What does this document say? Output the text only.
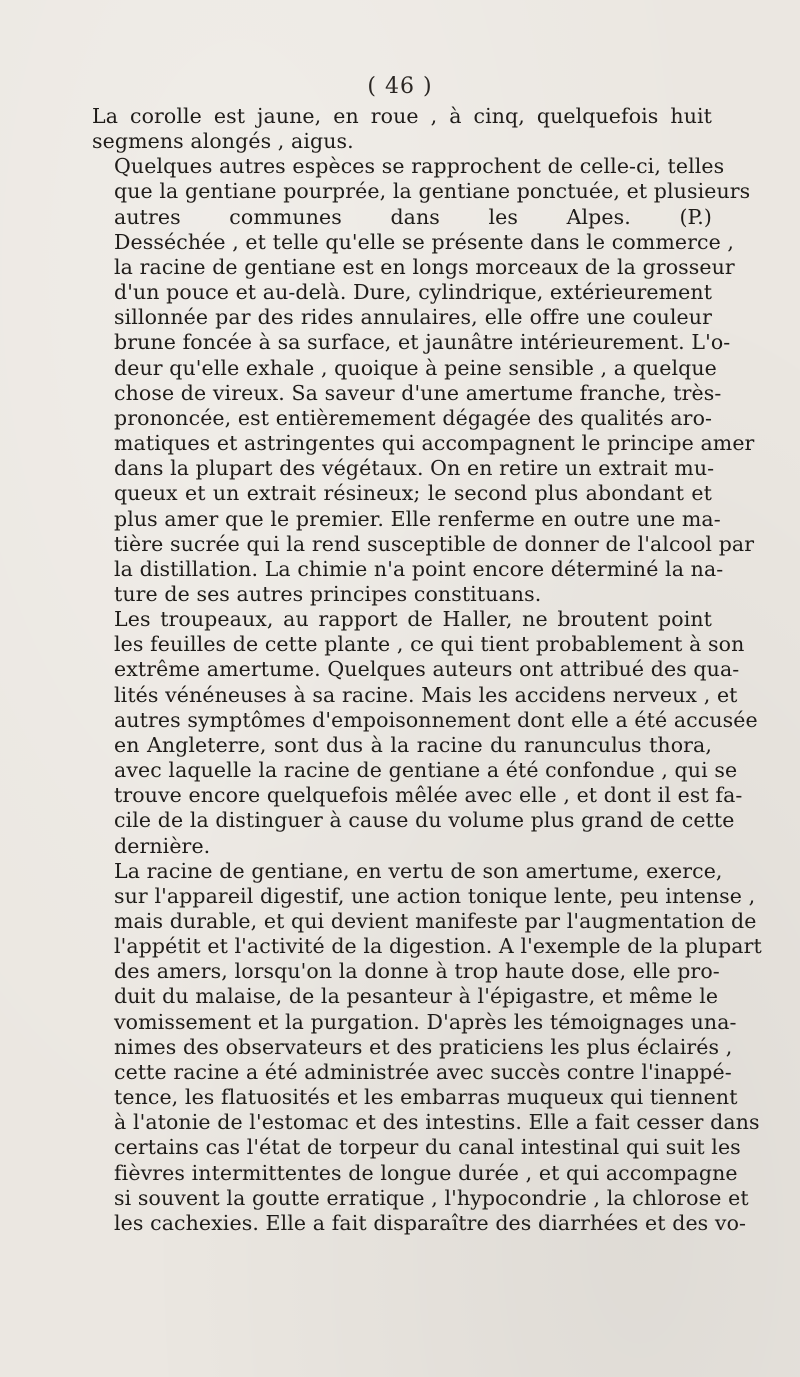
( 46 )

La corolle est jaune, en roue , à cinq, quelquefois huit
segmens alongés , aigus.

Quelques autres espèces se rapprochent de celle-ci, telles
que la gentiane pourprée, la gentiane ponctuée, et plusieurs
autres communes dans les Alpes. (P.)

Desséchée , et telle qu'elle se présente dans le commerce ,
la racine de gentiane est en longs morceaux de la grosseur
d'un pouce et au-delà. Dure, cylindrique, extérieurement
sillonnée par des rides annulaires, elle offre une couleur
brune foncée à sa surface, et jaunâtre intérieurement. L'o-
deur qu'elle exhale , quoique à peine sensible , a quelque
chose de vireux. Sa saveur d'une amertume franche, très-
prononcée, est entièremement dégagée des qualités aro-
matiques et astringentes qui accompagnent le principe amer
dans la plupart des végétaux. On en retire un extrait mu-
queux et un extrait résineux; le second plus abondant et
plus amer que le premier. Elle renferme en outre une ma-
tière sucrée qui la rend susceptible de donner de l'alcool par
la distillation. La chimie n'a point encore déterminé la na-
ture de ses autres principes constituans.

Les troupeaux, au rapport de Haller, ne broutent point
les feuilles de cette plante , ce qui tient probablement à son
extrême amertume. Quelques auteurs ont attribué des qua-
lités vénéneuses à sa racine. Mais les accidens nerveux , et
autres symptômes d'empoisonnement dont elle a été accusée
en Angleterre, sont dus à la racine du ranunculus thora,
avec laquelle la racine de gentiane a été confondue , qui se
trouve encore quelquefois mêlée avec elle , et dont il est fa-
cile de la distinguer à cause du volume plus grand de cette
dernière.

La racine de gentiane, en vertu de son amertume, exerce,
sur l'appareil digestif, une action tonique lente, peu intense ,
mais durable, et qui devient manifeste par l'augmentation de
l'appétit et l'activité de la digestion. A l'exemple de la plupart
des amers, lorsqu'on la donne à trop haute dose, elle pro-
duit du malaise, de la pesanteur à l'épigastre, et même le
vomissement et la purgation. D'après les témoignages una-
nimes des observateurs et des praticiens les plus éclairés ,
cette racine a été administrée avec succès contre l'inappé-
tence, les flatuosités et les embarras muqueux qui tiennent
à l'atonie de l'estomac et des intestins. Elle a fait cesser dans
certains cas l'état de torpeur du canal intestinal qui suit les
fièvres intermittentes de longue durée , et qui accompagne
si souvent la goutte erratique , l'hypocondrie , la chlorose et
les cachexies. Elle a fait disparaître des diarrhées et des vo-
